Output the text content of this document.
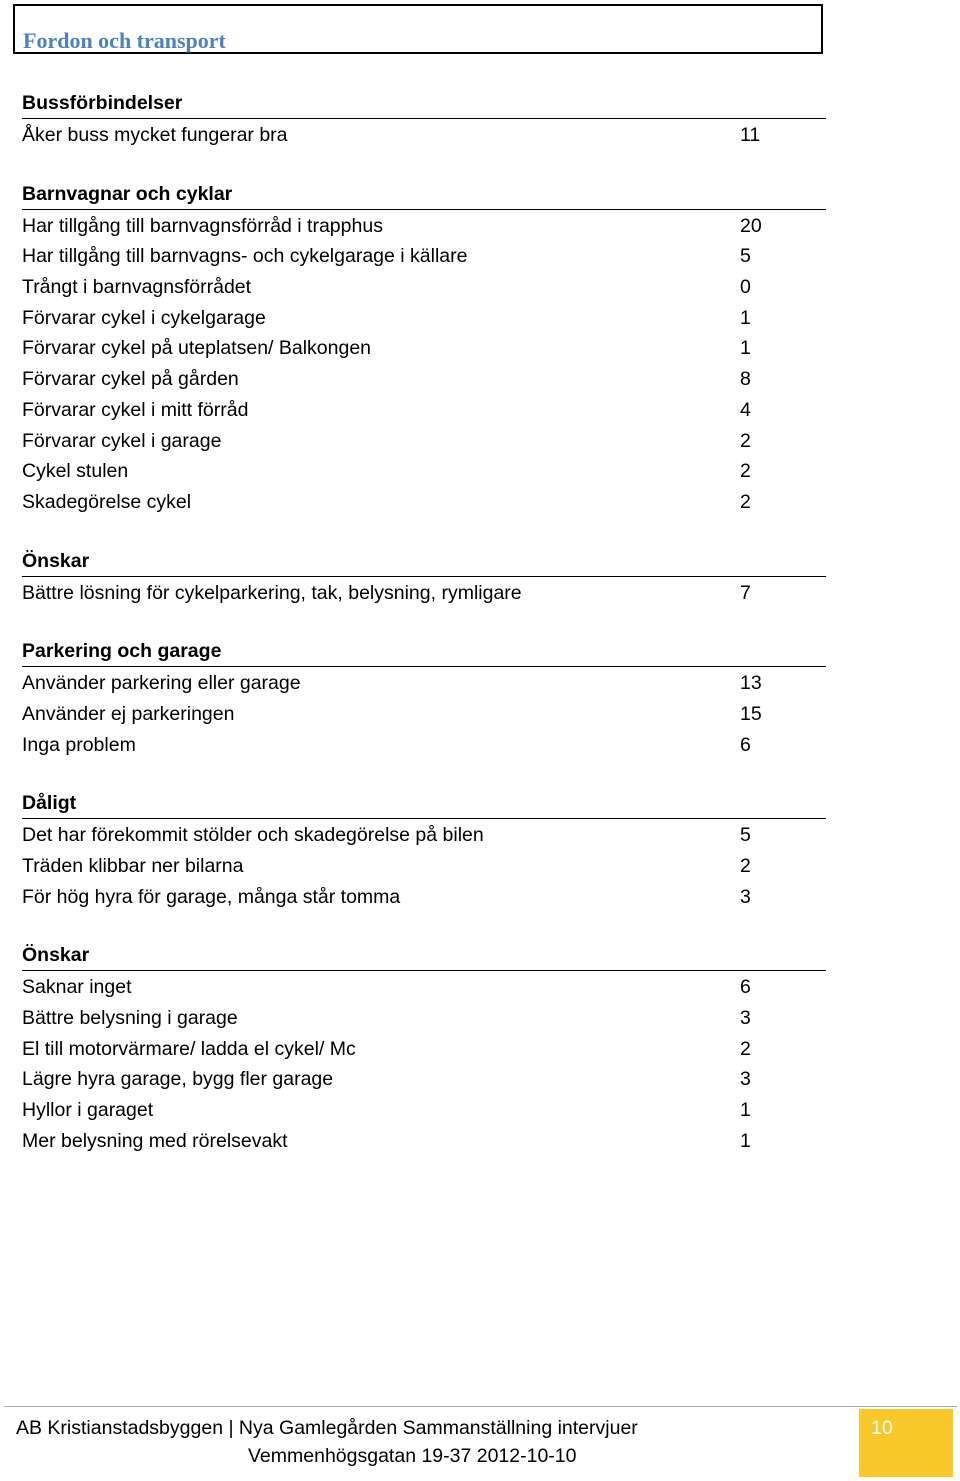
Fordon och transport
Bussförbindelser
Åker buss mycket fungerar bra	11
Barnvagnar och cyklar
Har tillgång till barnvagnsförråd i trapphus	20
Har tillgång till barnvagns- och cykelgarage i källare	5
Trångt i barnvagnsförrådet	0
Förvarar cykel i cykelgarage	1
Förvarar cykel på uteplatsen/ Balkongen	1
Förvarar cykel på gården	8
Förvarar cykel i mitt förråd	4
Förvarar cykel i garage	2
Cykel stulen	2
Skadegörelse cykel	2
Önskar
Bättre lösning för cykelparkering, tak, belysning, rymligare	7
Parkering och garage
Använder parkering eller garage	13
Använder ej parkeringen	15
Inga problem	6
Dåligt
Det har förekommit stölder och skadegörelse på bilen	5
Träden klibbar ner bilarna	2
För hög hyra för garage, många står tomma	3
Önskar
Saknar inget	6
Bättre belysning i garage	3
El till motorvärmare/ ladda el cykel/ Mc	2
Lägre hyra garage, bygg fler garage	3
Hyllor i garaget	1
Mer belysning med rörelsevakt	1
AB Kristianstadsbyggen | Nya Gamlegården Sammanställning intervjuer
Vemmenhögsgatan 19-37 2012-10-10
10
